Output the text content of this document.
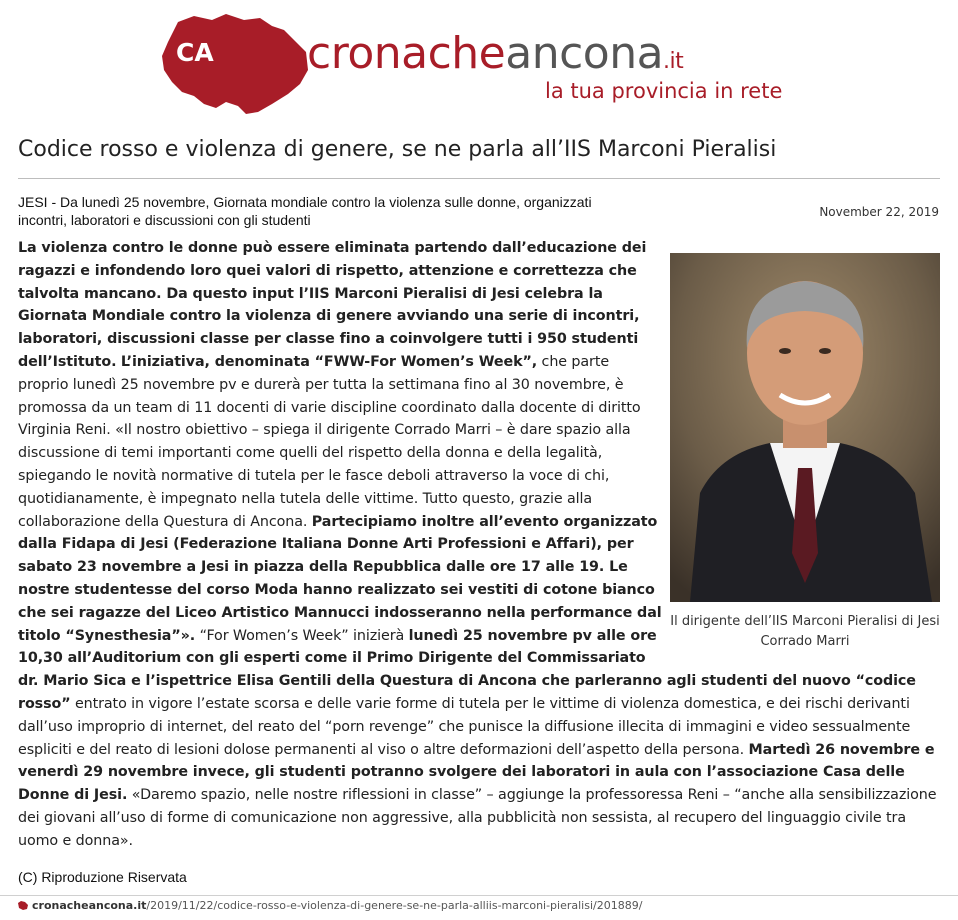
CA cronacheancona.it
la tua provincia in rete
Codice rosso e violenza di genere, se ne parla all’IIS Marconi Pieralisi
JESI - Da lunedì 25 novembre, Giornata mondiale contro la violenza sulle donne, organizzati incontri, laboratori e discussioni con gli studenti	November 22, 2019

La violenza contro le donne può essere eliminata partendo dall’educazione dei ragazzi e infondendo loro quei valori di rispetto, attenzione e correttezza che talvolta mancano. Da questo input l’IIS Marconi Pieralisi di Jesi celebra la Giornata Mondiale contro la violenza di genere avviando una serie di incontri, laboratori, discussioni classe per classe fino a coinvolgere tutti i 950 studenti dell’Istituto. L’iniziativa, denominata “FWW-For Women’s Week”, che parte proprio lunedì 25 novembre pv e durerà per tutta la settimana fino al 30 novembre, è promossa da un team di 11 docenti di varie discipline coordinato dalla docente di diritto Virginia Reni. «Il nostro obiettivo – spiega il dirigente Corrado Marri – è dare spazio alla discussione di temi importanti come quelli del rispetto della donna e della legalità, spiegando le novità normative di tutela per le fasce deboli attraverso la voce di chi, quotidianamente, è impegnato nella tutela delle vittime. Tutto questo, grazie alla collaborazione della Questura di Ancona. Partecipiamo inoltre all’evento organizzato dalla Fidapa di Jesi (Federazione Italiana Donne Arti Professioni e Affari), per sabato 23 novembre a Jesi in piazza della Repubblica dalle ore 17 alle 19. Le nostre studentesse del corso Moda hanno realizzato sei vestiti di cotone bianco che sei ragazze del Liceo Artistico Mannucci indosseranno nella performance dal titolo “Synesthesia”». “For Women’s Week” inizierà lunedì 25 novembre pv alle ore 10,30 all’Auditorium con gli esperti come il Primo Dirigente del Commissariato dr. Mario Sica e l’ispettrice Elisa Gentili della Questura di Ancona che parleranno agli studenti del nuovo “codice rosso” entrato in vigore l’estate scorsa e delle varie forme di tutela per le vittime di violenza domestica, e dei rischi derivanti dall’uso improprio di internet, del reato del “porn revenge” che punisce la diffusione illecita di immagini e video sessualmente espliciti e del reato di lesioni dolose permanenti al viso o altre deformazioni dell’aspetto della persona. Martedì 26 novembre e venerdì 29 novembre invece, gli studenti potranno svolgere dei laboratori in aula con l’associazione Casa delle Donne di Jesi. «Daremo spazio, nelle nostre riflessioni in classe” – aggiunge la professoressa Reni – “anche alla sensibilizzazione dei giovani all’uso di forme di comunicazione non aggressive, alla pubblicità non sessista, al recupero del linguaggio civile tra uomo e donna».

Il dirigente dell’IIS Marconi Pieralisi di Jesi Corrado Marri
(C) Riproduzione Riservata
cronacheancona.it/2019/11/22/codice-rosso-e-violenza-di-genere-se-ne-parla-alliis-marconi-pieralisi/201889/
